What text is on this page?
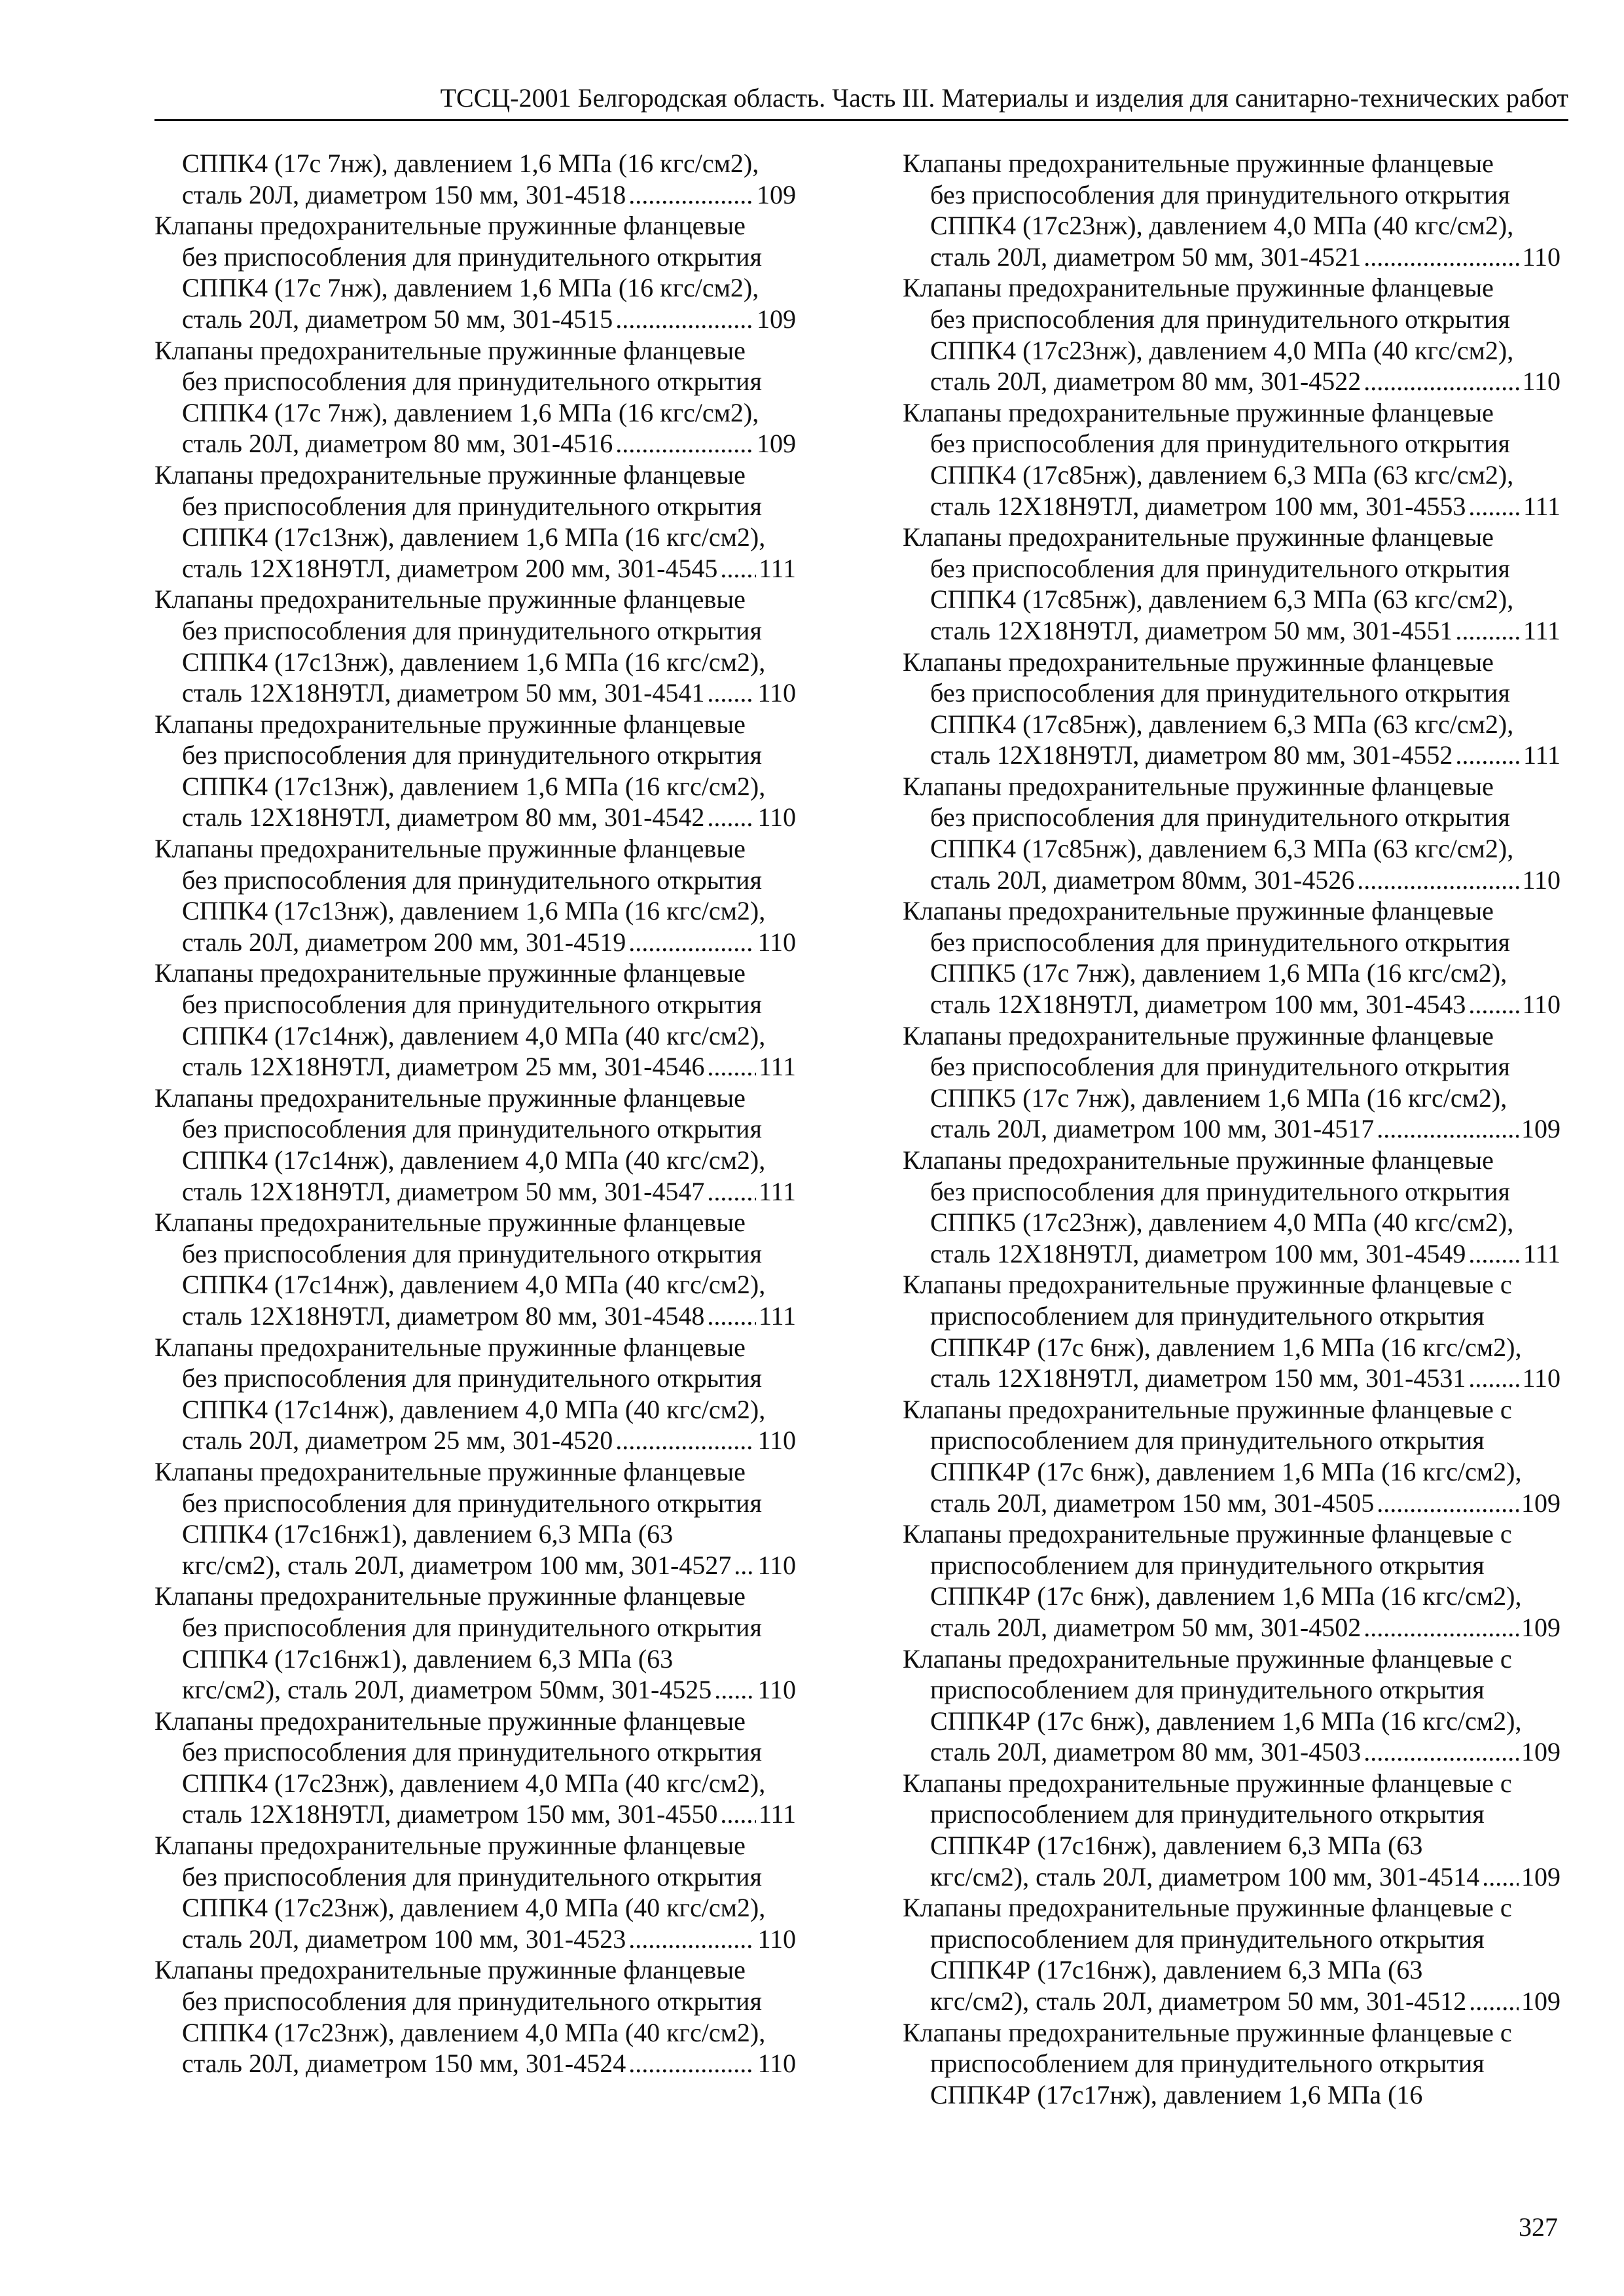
ТССЦ-2001 Белгородская область. Часть III. Материалы и изделия для санитарно-технических работ
СППК4 (17с 7нж), давлением 1,6 МПа (16 кгс/см2),
сталь 20Л, диаметром 150 мм, 301-4518 .....	109
Клапаны предохранительные пружинные фланцевые
без приспособления для принудительного открытия
СППК4 (17с 7нж), давлением 1,6 МПа (16 кгс/см2),
сталь 20Л, диаметром 50 мм, 301-4515 .....	109
Клапаны предохранительные пружинные фланцевые
без приспособления для принудительного открытия
СППК4 (17с 7нж), давлением 1,6 МПа (16 кгс/см2),
сталь 20Л, диаметром 80 мм, 301-4516 .....	109
Клапаны предохранительные пружинные фланцевые
без приспособления для принудительного открытия
СППК4 (17с13нж), давлением 1,6 МПа (16 кгс/см2),
сталь 12Х18Н9ТЛ, диаметром 200 мм, 301-4545 ..... 111
Клапаны предохранительные пружинные фланцевые
без приспособления для принудительного открытия
СППК4 (17с13нж), давлением 1,6 МПа (16 кгс/см2),
сталь 12Х18Н9ТЛ, диаметром 50 мм, 301-4541 ..... 110
Клапаны предохранительные пружинные фланцевые
без приспособления для принудительного открытия
СППК4 (17с13нж), давлением 1,6 МПа (16 кгс/см2),
сталь 12Х18Н9ТЛ, диаметром 80 мм, 301-4542 ..... 110
Клапаны предохранительные пружинные фланцевые
без приспособления для принудительного открытия
СППК4 (17с13нж), давлением 1,6 МПа (16 кгс/см2),
сталь 20Л, диаметром 200 мм, 301-4519 .....	110
Клапаны предохранительные пружинные фланцевые
без приспособления для принудительного открытия
СППК4 (17с14нж), давлением 4,0 МПа (40 кгс/см2),
сталь 12Х18Н9ТЛ, диаметром 25 мм, 301-4546 ..... 111
Клапаны предохранительные пружинные фланцевые
без приспособления для принудительного открытия
СППК4 (17с14нж), давлением 4,0 МПа (40 кгс/см2),
сталь 12Х18Н9ТЛ, диаметром 50 мм, 301-4547 ..... 111
Клапаны предохранительные пружинные фланцевые
без приспособления для принудительного открытия
СППК4 (17с14нж), давлением 4,0 МПа (40 кгс/см2),
сталь 12Х18Н9ТЛ, диаметром 80 мм, 301-4548 ..... 111
Клапаны предохранительные пружинные фланцевые
без приспособления для принудительного открытия
СППК4 (17с14нж), давлением 4,0 МПа (40 кгс/см2),
сталь 20Л, диаметром 25 мм, 301-4520 .....	110
Клапаны предохранительные пружинные фланцевые
без приспособления для принудительного открытия
СППК4 (17с16нж1), давлением 6,3 МПа (63
кгс/см2), сталь 20Л, диаметром 100 мм, 301-4527 ..... 110
Клапаны предохранительные пружинные фланцевые
без приспособления для принудительного открытия
СППК4 (17с16нж1), давлением 6,3 МПа (63
кгс/см2), сталь 20Л, диаметром 50мм, 301-4525 ..... 110
Клапаны предохранительные пружинные фланцевые
без приспособления для принудительного открытия
СППК4 (17с23нж), давлением 4,0 МПа (40 кгс/см2),
сталь 12Х18Н9ТЛ, диаметром 150 мм, 301-4550 ..... 111
Клапаны предохранительные пружинные фланцевые
без приспособления для принудительного открытия
СППК4 (17с23нж), давлением 4,0 МПа (40 кгс/см2),
сталь 20Л, диаметром 100 мм, 301-4523 .....	110
Клапаны предохранительные пружинные фланцевые
без приспособления для принудительного открытия
СППК4 (17с23нж), давлением 4,0 МПа (40 кгс/см2),
сталь 20Л, диаметром 150 мм, 301-4524 .....	110
Клапаны предохранительные пружинные фланцевые
без приспособления для принудительного открытия
СППК4 (17с23нж), давлением 4,0 МПа (40 кгс/см2),
сталь 20Л, диаметром 50 мм, 301-4521 .....	110
Клапаны предохранительные пружинные фланцевые
без приспособления для принудительного открытия
СППК4 (17с23нж), давлением 4,0 МПа (40 кгс/см2),
сталь 20Л, диаметром 80 мм, 301-4522 .....	110
Клапаны предохранительные пружинные фланцевые
без приспособления для принудительного открытия
СППК4 (17с85нж), давлением 6,3 МПа (63 кгс/см2),
сталь 12Х18Н9ТЛ, диаметром 100 мм, 301-4553 ..... 111
Клапаны предохранительные пружинные фланцевые
без приспособления для принудительного открытия
СППК4 (17с85нж), давлением 6,3 МПа (63 кгс/см2),
сталь 12Х18Н9ТЛ, диаметром 50 мм, 301-4551 .....	111
Клапаны предохранительные пружинные фланцевые
без приспособления для принудительного открытия
СППК4 (17с85нж), давлением 6,3 МПа (63 кгс/см2),
сталь 12Х18Н9ТЛ, диаметром 80 мм, 301-4552 .....	111
Клапаны предохранительные пружинные фланцевые
без приспособления для принудительного открытия
СППК4 (17с85нж), давлением 6,3 МПа (63 кгс/см2),
сталь 20Л, диаметром 80мм, 301-4526 .....	110
Клапаны предохранительные пружинные фланцевые
без приспособления для принудительного открытия
СППК5 (17с 7нж), давлением 1,6 МПа (16 кгс/см2),
сталь 12Х18Н9ТЛ, диаметром 100 мм, 301-4543 ..... 110
Клапаны предохранительные пружинные фланцевые
без приспособления для принудительного открытия
СППК5 (17с 7нж), давлением 1,6 МПа (16 кгс/см2),
сталь 20Л, диаметром 100 мм, 301-4517 .....	109
Клапаны предохранительные пружинные фланцевые
без приспособления для принудительного открытия
СППК5 (17с23нж), давлением 4,0 МПа (40 кгс/см2),
сталь 12Х18Н9ТЛ, диаметром 100 мм, 301-4549 ..... 111
Клапаны предохранительные пружинные фланцевые с
приспособлением для принудительного открытия
СППК4Р (17с 6нж), давлением 1,6 МПа (16 кгс/см2),
сталь 12Х18Н9ТЛ, диаметром 150 мм, 301-4531 ..... 110
Клапаны предохранительные пружинные фланцевые с
приспособлением для принудительного открытия
СППК4Р (17с 6нж), давлением 1,6 МПа (16 кгс/см2),
сталь 20Л, диаметром 150 мм, 301-4505 .....	109
Клапаны предохранительные пружинные фланцевые с
приспособлением для принудительного открытия
СППК4Р (17с 6нж), давлением 1,6 МПа (16 кгс/см2),
сталь 20Л, диаметром 50 мм, 301-4502 .....	109
Клапаны предохранительные пружинные фланцевые с
приспособлением для принудительного открытия
СППК4Р (17с 6нж), давлением 1,6 МПа (16 кгс/см2),
сталь 20Л, диаметром 80 мм, 301-4503 .....	109
Клапаны предохранительные пружинные фланцевые с
приспособлением для принудительного открытия
СППК4Р (17с16нж), давлением 6,3 МПа (63
кгс/см2), сталь 20Л, диаметром 100 мм, 301-4514 ..... 109
Клапаны предохранительные пружинные фланцевые с
приспособлением для принудительного открытия
СППК4Р (17с16нж), давлением 6,3 МПа (63
кгс/см2), сталь 20Л, диаметром 50 мм, 301-4512 ..... 109
Клапаны предохранительные пружинные фланцевые с
приспособлением для принудительного открытия
СППК4Р (17с17нж), давлением 1,6 МПа (16
327
